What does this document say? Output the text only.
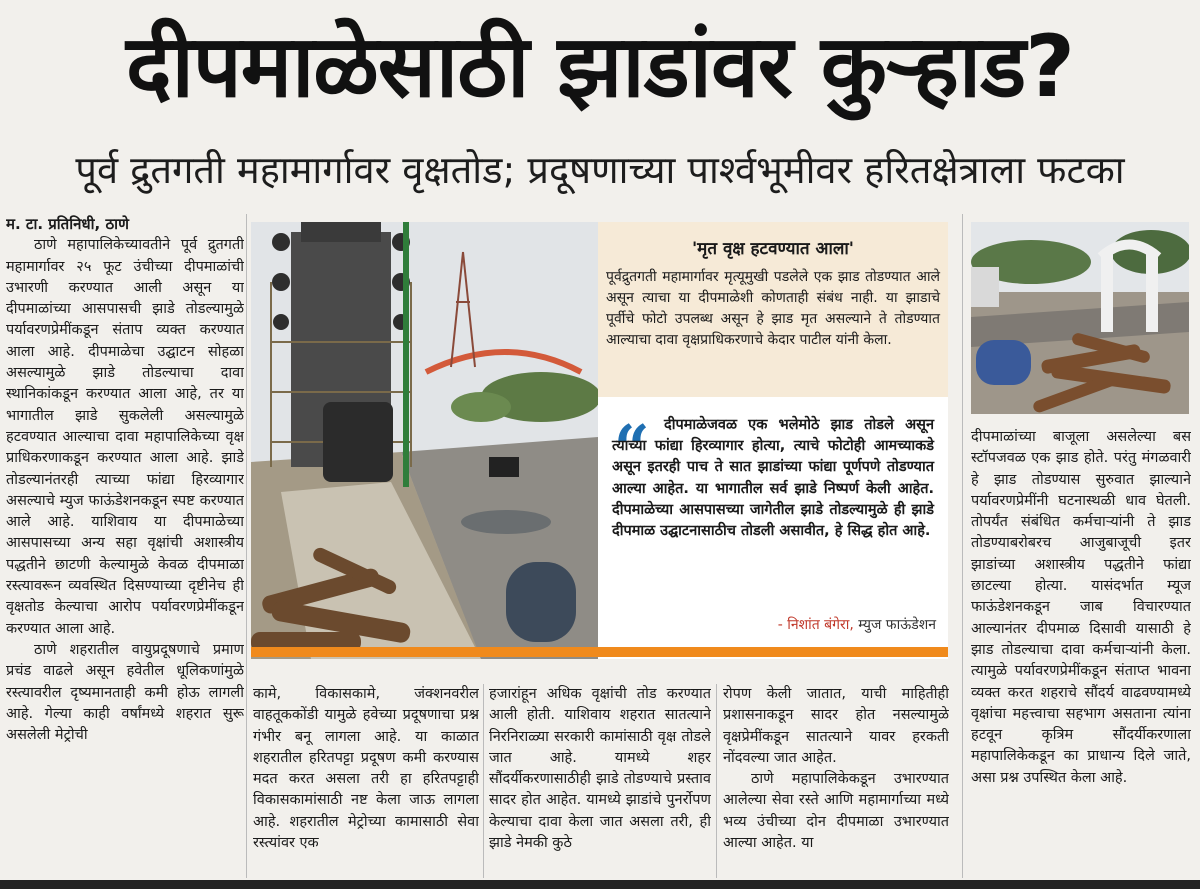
दीपमाळेसाठी झाडांवर कुऱ्हाड?
पूर्व द्रुतगती महामार्गावर वृक्षतोड; प्रदूषणाच्या पार्श्वभूमीवर हरितक्षेत्राला फटका

म. टा. प्रतिनिधी, ठाणे

ठाणे महापालिकेच्यावतीने पूर्व द्रुतगती महामार्गावर २५ फूट उंचीच्या दीपमाळांची उभारणी करण्यात आली असून या दीपमाळांच्या आसपासची झाडे तोडल्यामुळे पर्यावरणप्रेमींकडून संताप व्यक्त करण्यात आला आहे. दीपमाळेचा उद्घाटन सोहळा असल्यामुळे झाडे तोडल्याचा दावा स्थानिकांकडून करण्यात आला आहे, तर या भागातील झाडे सुकलेली असल्यामुळे हटवण्यात आल्याचा दावा महापालिकेच्या वृक्ष प्राधिकरणाकडून करण्यात आला आहे. झाडे तोडल्यानंतरही त्याच्या फांद्या हिरव्यागार असल्याचे म्युज फाऊंडेशनकडून स्पष्ट करण्यात आले आहे. याशिवाय या दीपमाळेच्या आसपासच्या अन्य सहा वृक्षांची अशास्त्रीय पद्धतीने छाटणी केल्यामुळे केवळ दीपमाळा रस्त्यावरून व्यवस्थित दिसण्याच्या दृष्टीनेच ही वृक्षतोड केल्याचा आरोप पर्यावरणप्रेमींकडून करण्यात आला आहे.

ठाणे शहरातील वायुप्रदूषणाचे प्रमाण प्रचंड वाढले असून हवेतील धूलिकणांमुळे रस्त्यावरील दृष्यमानताही कमी होऊ लागली आहे. गेल्या काही वर्षांमध्ये शहरात सुरू असलेली मेट्रोची

'मृत वृक्ष हटवण्यात आला'
पूर्वद्रुतगती महामार्गावर मृत्यूमुखी पडलेले एक झाड तोडण्यात आले असून त्याचा या दीपमाळेशी कोणताही संबंध नाही. या झाडाचे पूर्वीचे फोटो उपलब्ध असून हे झाड मृत असल्याने ते तोडण्यात आल्याचा दावा वृक्षप्राधिकरणाचे केदार पाटील यांनी केला.
“ दीपमाळेजवळ एक भलेमोठे झाड तोडले असून त्याच्या फांद्या हिरव्यागार होत्या, त्याचे फोटोही आमच्याकडे असून इतरही पाच ते सात झाडांच्या फांद्या पूर्णपणे तोडण्यात आल्या आहेत. या भागातील सर्व झाडे निष्पर्ण केली आहेत. दीपमाळेच्या आसपासच्या जागेतील झाडे तोडल्यामुळे ही झाडे दीपमाळ उद्घाटनासाठीच तोडली असावीत, हे सिद्ध होत आहे.
- निशांत बंगेरा, म्युज फाऊंडेशन

कामे, विकासकामे, जंक्शनवरील वाहतूककोंडी यामुळे हवेच्या प्रदूषणाचा प्रश्न गंभीर बनू लागला आहे. या काळात शहरातील हरितपट्टा प्रदूषण कमी करण्यास मदत करत असला तरी हा हरितपट्टाही विकासकामांसाठी नष्ट केला जाऊ लागला आहे. शहरातील मेट्रोच्या कामासाठी सेवा रस्त्यांवर एक

हजारांहून अधिक वृक्षांची तोड करण्यात आली होती. याशिवाय शहरात सातत्याने निरनिराळ्या सरकारी कामांसाठी वृक्ष तोडले जात आहे. यामध्ये शहर सौंदर्यीकरणासाठीही झाडे तोडण्याचे प्रस्ताव सादर होत आहेत. यामध्ये झाडांचे पुनर्रोपण केल्याचा दावा केला जात असला तरी, ही झाडे नेमकी कुठे

रोपण केली जातात, याची माहितीही प्रशासनाकडून सादर होत नसल्यामुळे वृक्षप्रेमींकडून सातत्याने यावर हरकती नोंदवल्या जात आहेत.

ठाणे महापालिकेकडून उभारण्यात आलेल्या सेवा रस्ते आणि महामार्गाच्या मध्ये भव्य उंचीच्या दोन दीपमाळा उभारण्यात आल्या आहेत. या

दीपमाळांच्या बाजूला असलेल्या बस स्टॉपजवळ एक झाड होते. परंतु मंगळवारी हे झाड तोडण्यास सुरुवात झाल्याने पर्यावरणप्रेमींनी घटनास्थळी धाव घेतली. तोपर्यंत संबंधित कर्मचाऱ्यांनी ते झाड तोडण्याबरोबरच आजुबाजूची इतर झाडांच्या अशास्त्रीय पद्धतीने फांद्या छाटल्या होत्या. यासंदर्भात म्यूज फाऊंडेशनकडून जाब विचारण्यात आल्यानंतर दीपमाळ दिसावी यासाठी हे झाड तोडल्याचा दावा कर्मचाऱ्यांनी केला. त्यामुळे पर्यावरणप्रेमींकडून संताप्त भावना व्यक्त करत शहराचे सौंदर्य वाढवण्यामध्ये वृक्षांचा महत्त्वाचा सहभाग असताना त्यांना हटवून कृत्रिम सौंदर्यीकरणाला महापालिकेकडून का प्राधान्य दिले जाते, असा प्रश्न उपस्थित केला आहे.
